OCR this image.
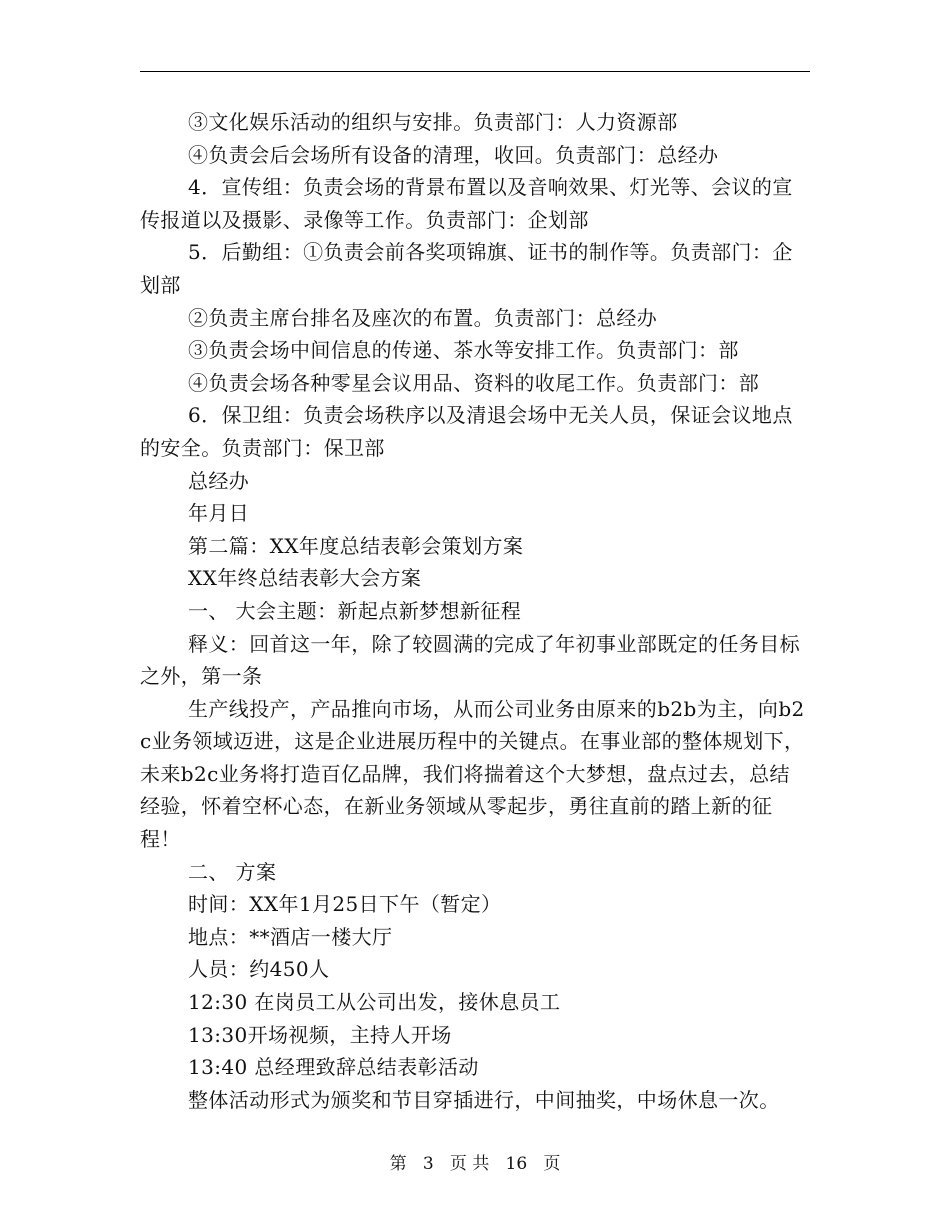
③文化娱乐活动的组织与安排。负责部门：人力资源部

④负责会后会场所有设备的清理，收回。负责部门：总经办

4．宣传组：负责会场的背景布置以及音响效果、灯光等、会议的宣传报道以及摄影、录像等工作。负责部门：企划部

5．后勤组：①负责会前各奖项锦旗、证书的制作等。负责部门：企划部

②负责主席台排名及座次的布置。负责部门：总经办

③负责会场中间信息的传递、茶水等安排工作。负责部门：部

④负责会场各种零星会议用品、资料的收尾工作。负责部门：部

6．保卫组：负责会场秩序以及清退会场中无关人员，保证会议地点的安全。负责部门：保卫部

总经办

年月日

第二篇：XX年度总结表彰会策划方案

XX年终总结表彰大会方案

一、 大会主题：新起点新梦想新征程

释义：回首这一年，除了较圆满的完成了年初事业部既定的任务目标之外，第一条

生产线投产，产品推向市场，从而公司业务由原来的b2b为主，向b2c业务领域迈进，这是企业进展历程中的关键点。在事业部的整体规划下，未来b2c业务将打造百亿品牌，我们将揣着这个大梦想，盘点过去，总结经验，怀着空杯心态，在新业务领域从零起步，勇往直前的踏上新的征程！

二、 方案

时间：XX年1月25日下午（暂定）

地点：**酒店一楼大厅

人员：约450人

12:30 在岗员工从公司出发，接休息员工

13:30开场视频，主持人开场

13:40 总经理致辞总结表彰活动

整体活动形式为颁奖和节目穿插进行，中间抽奖，中场休息一次。

第 3 页 共 16 页
